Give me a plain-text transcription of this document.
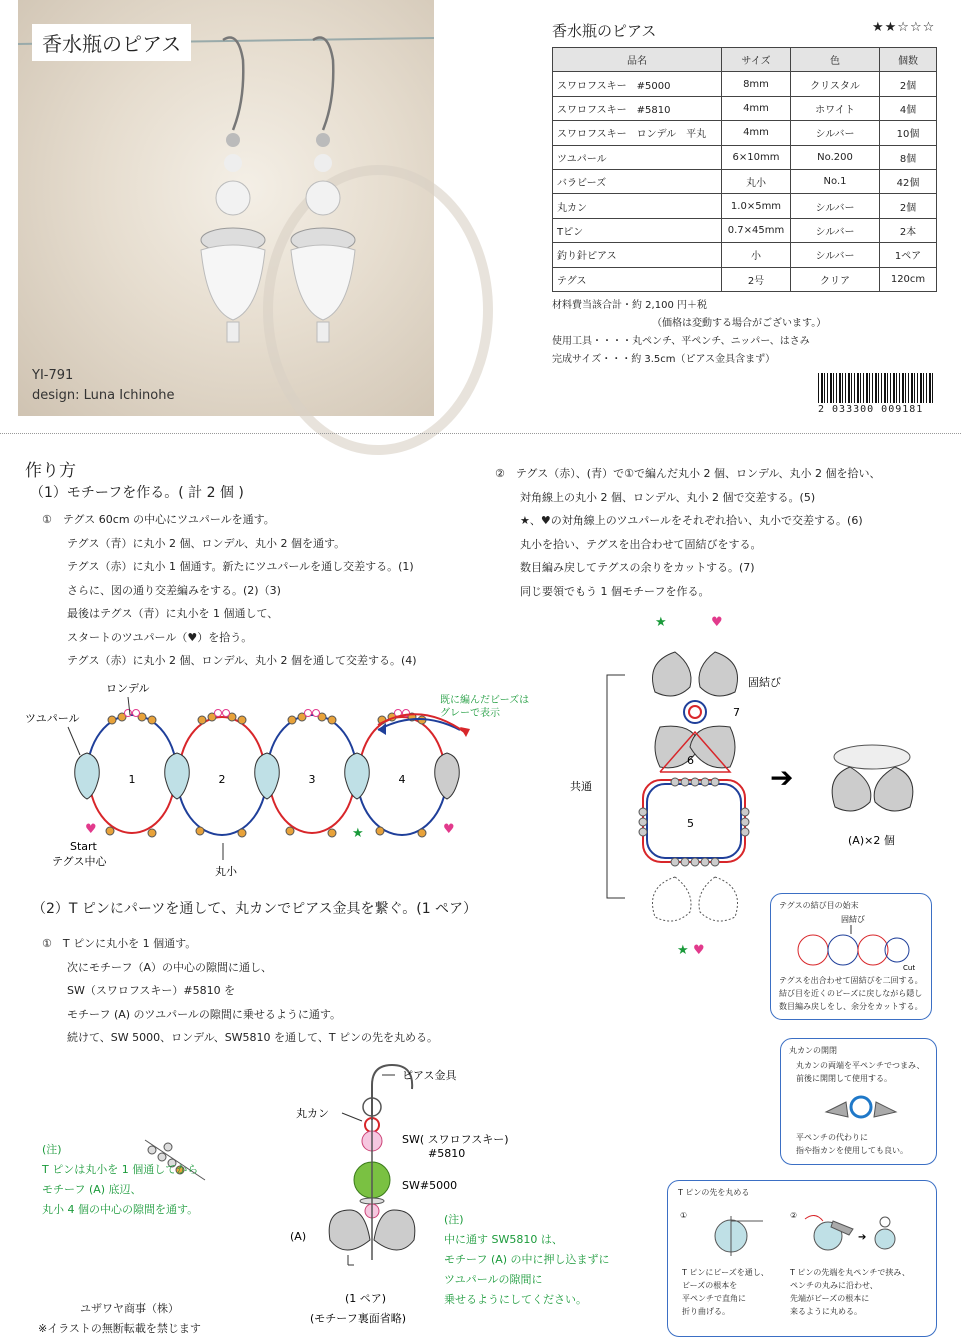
香水瓶のピアス
YI-791
design: Luna Ichinohe
香水瓶のピアス	★★☆☆☆
品名	サイズ	色	個数
スワロフスキー　#5000	8mm	クリスタル	2個
スワロフスキー　#5810	4mm	ホワイト	4個
スワロフスキー　ロンデル　平丸	4mm	シルバー	10個
ツユパール	6×10mm	No.200	8個
バラビーズ	丸小	No.1	42個
丸カン	1.0×5mm	シルバー	2個
Tピン	0.7×45mm	シルバー	2本
釣り針ピアス	小	シルバー	1ペア
テグス	2号	クリア	120cm
材料費当該合計・約 2,100 円＋税
（価格は変動する場合がございます。）
使用工具・・・・丸ペンチ、平ペンチ、ニッパー、はさみ
完成サイズ・・・約 3.5cm（ピアス金具含まず）
2 033300 009181
作り方
（1）モチーフを作る。( 計 2 個 )
①　テグス 60cm の中心にツユパールを通す。
テグス（青）に丸小 2 個、ロンデル、丸小 2 個を通す。
テグス（赤）に丸小 1 個通す。新たにツユパールを通し交差する。(1)
さらに、図の通り交差編みをする。(2)（3)
最後はテグス（青）に丸小を 1 個通して、
スタートのツユパール（♥）を拾う。
テグス（赤）に丸小 2 個、ロンデル、丸小 2 個を通して交差する。(4)
②　テグス（赤）、(青）で①で編んだ丸小 2 個、ロンデル、丸小 2 個を拾い、
対角線上の丸小 2 個、ロンデル、丸小 2 個で交差する。(5)
★、♥の対角線上のツユパールをそれぞれ拾い、丸小で交差する。(6)
丸小を拾い、テグスを出合わせて固結びをする。
数目編み戻してテグスの余りをカットする。(7)
同じ要領でもう 1 個モチーフを作る。
1	2	3	4
ロンデル
ツユパール
Start
テグス中心
丸小
♥	★	♥
既に編んだビーズはグレーで表示
★	♥
固結び
7
6
5
★ ♥
共通	➔
(A)×2 個
（2）T ピンにパーツを通して、丸カンでピアス金具を繋ぐ。(1 ペア）
①　T ピンに丸小を 1 個通す。
次にモチーフ（A）の中心の隙間に通し、
SW（スワロフスキー）#5810 を
モチーフ (A) のツユパールの隙間に乗せるように通す。
続けて、SW 5000、ロンデル、SW5810 を通して、T ピンの先を丸める。
ピアス金具
丸カン
SW( スワロフスキー) #5810
SW#5000
(A)
(1 ペア)
(モチーフ裏面省略)
(注)
T ピンは丸小を 1 個通してから
モチーフ (A) 底辺、
丸小 4 個の中心の隙間を通す。
(注)
中に通す SW5810 は、
モチーフ (A) の中に押し込まずに
ツユパールの隙間に
乗せるようにしてください。
テグスの結び目の始末
固結び
Cut
テグスを出合わせて固結びを二回する。
結び目を近くのビーズに戻しながら隠し
数目編み戻しをし、余分をカットする。
丸カンの開閉
丸カンの両端を平ペンチでつまみ、
前後に開閉して使用する。
平ペンチの代わりに
指や指カンを使用しても良い。
T ピンの先を丸める
①	②
➔
T ピンにビーズを通し、
ビーズの根本を
平ペンチで直角に
折り曲げる。
T ピンの先端を丸ペンチで挟み、
ペンチの丸みに沿わせ、
先端がビーズの根本に
来るように丸める。
ユザワヤ商事（株）
※イラストの無断転載を禁じます
